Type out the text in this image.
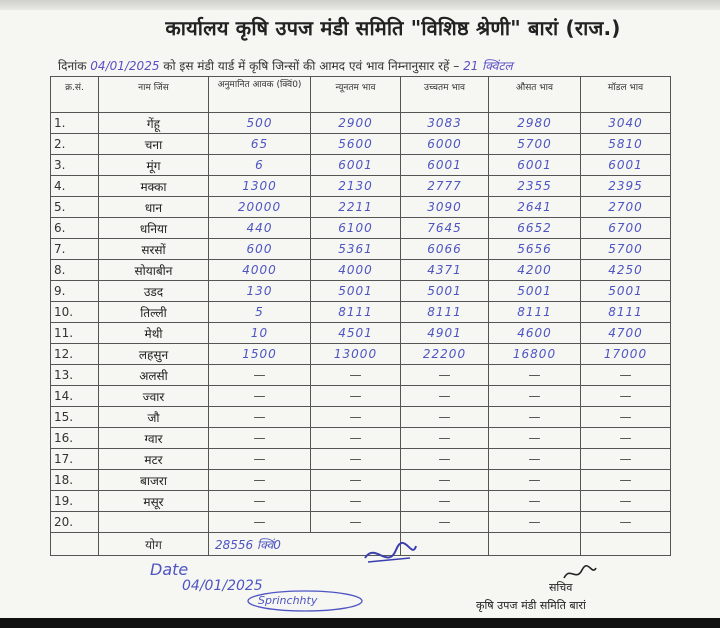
कार्यालय कृषि उपज मंडी समिति "विशिष्ठ श्रेणी" बारां (राज.)
दिनांक 04/01/2025 को इस मंडी यार्ड में कृषि जिन्सों की आमद एवं भाव निम्नानुसार रहें – 21 क्विंटल
क्र.सं.	नाम जिंस	अनुमानित आवक (क्विं0)	न्यूनतम भाव	उच्चतम भाव	औसत भाव	मॉडल भाव
1.	गेंहू	500	2900	3083	2980	3040
2.	चना	65	5600	6000	5700	5810
3.	मूंग	6	6001	6001	6001	6001
4.	मक्का	1300	2130	2777	2355	2395
5.	धान	20000	2211	3090	2641	2700
6.	धनिया	440	6100	7645	6652	6700
7.	सरसों	600	5361	6066	5656	5700
8.	सोयाबीन	4000	4000	4371	4200	4250
9.	उडद	130	5001	5001	5001	5001
10.	तिल्ली	5	8111	8111	8111	8111
11.	मेथी	10	4501	4901	4600	4700
12.	लहसुन	1500	13000	22200	16800	17000
13.	अलसी	—	—	—	—	—
14.	ज्वार	—	—	—	—	—
15.	जौ	—	—	—	—	—
16.	ग्वार	—	—	—	—	—
17.	मटर	—	—	—	—	—
18.	बाजरा	—	—	—	—	—
19.	मसूर	—	—	—	—	—
20.		—	—	—	—	—
	योग	28556 क्विं0				
Date
04/01/2025
Sprinchhty
सचिव
कृषि उपज मंडी समिति बारां
